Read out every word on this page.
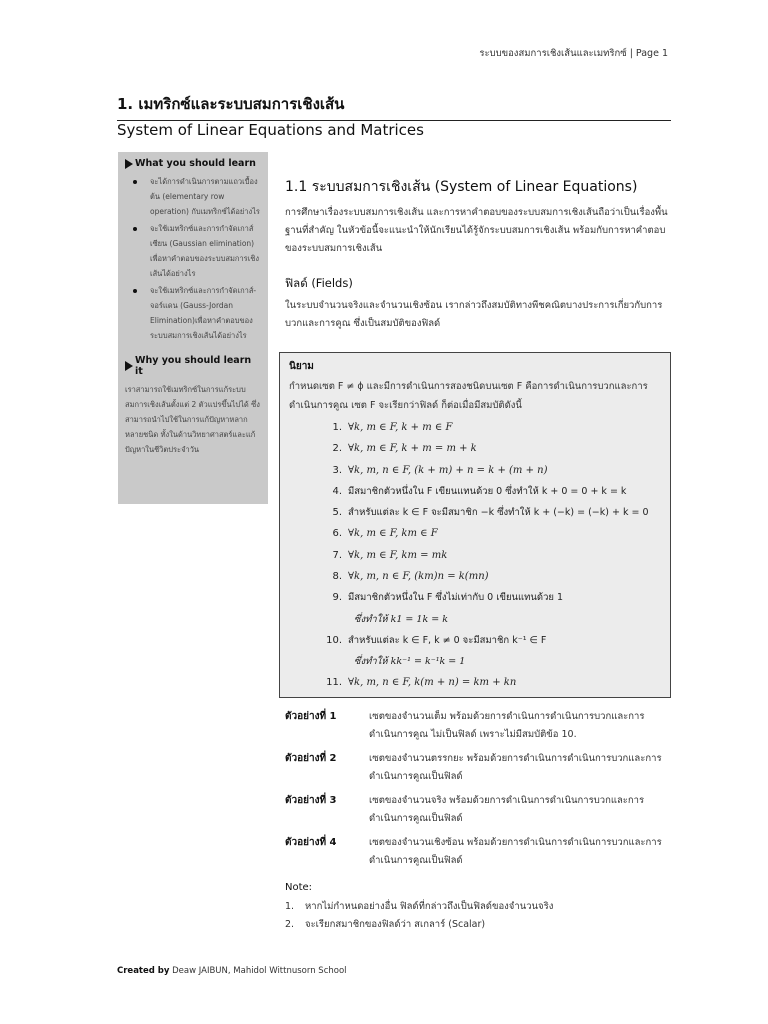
ระบบของสมการเชิงเส้นและเมทริกซ์ | Page 1
1. เมทริกซ์และระบบสมการเชิงเส้น
System of Linear Equations and Matrices
What you should learn
จะได้การดำเนินการตามแถวเบื้องต้น (elementary row operation) กับเมทริกซ์ได้อย่างไร
จะใช้เมทริกซ์และการกำจัดเกาส์เซียน (Gaussian elimination) เพื่อหาคำตอบของระบบสมการเชิงเส้นได้อย่างไร
จะใช้เมทริกซ์และการกำจัดเกาส์-จอร์แดน (Gauss-Jordan Elimination)เพื่อหาคำตอบของระบบสมการเชิงเส้นได้อย่างไร
Why you should learn it
เราสามารถใช้เมทริกซ์ในการแก้ระบบสมการเชิงเส้นตั้งแต่ 2 ตัวแปรขึ้นไปได้ ซึ่งสามารถนำไปใช้ในการแก้ปัญหาหลากหลายชนิด ทั้งในด้านวิทยาศาสตร์และแก้ปัญหาในชีวิตประจำวัน
1.1 ระบบสมการเชิงเส้น (System of Linear Equations)

การศึกษาเรื่องระบบสมการเชิงเส้น และการหาคำตอบของระบบสมการเชิงเส้นถือว่าเป็นเรื่องพื้นฐานที่สำคัญ ในหัวข้อนี้จะแนะนำให้นักเรียนได้รู้จักระบบสมการเชิงเส้น พร้อมกับการหาคำตอบของระบบสมการเชิงเส้น

ฟิลด์ (Fields)

ในระบบจำนวนจริงและจำนวนเชิงซ้อน เรากล่าวถึงสมบัติทางพีชคณิตบางประการเกี่ยวกับการบวกและการคูณ ซึ่งเป็นสมบัติของฟิลด์

นิยาม
กำหนดเซต F ≠ ϕ และมีการดำเนินการสองชนิดบนเซต F คือการดำเนินการบวกและการดำเนินการคูณ เซต F จะเรียกว่าฟิลด์ ก็ต่อเมื่อมีสมบัติดังนี้
1. ∀k, m ∈ F, k + m ∈ F
2. ∀k, m ∈ F, k + m = m + k
3. ∀k, m, n ∈ F, (k + m) + n = k + (m + n)
4. มีสมาชิกตัวหนึ่งใน F เขียนแทนด้วย 0 ซึ่งทำให้ k + 0 = 0 + k = k
5. สำหรับแต่ละ k ∈ F จะมีสมาชิก −k ซึ่งทำให้ k + (−k) = (−k) + k = 0
6. ∀k, m ∈ F, km ∈ F
7. ∀k, m ∈ F, km = mk
8. ∀k, m, n ∈ F, (km)n = k(mn)
9. มีสมาชิกตัวหนึ่งใน F ซึ่งไม่เท่ากับ 0 เขียนแทนด้วย 1
ซึ่งทำให้ k1 = 1k = k
10. สำหรับแต่ละ k ∈ F, k ≠ 0 จะมีสมาชิก k⁻¹ ∈ F
ซึ่งทำให้ kk⁻¹ = k⁻¹k = 1
11. ∀k, m, n ∈ F, k(m + n) = km + kn
ตัวอย่างที่ 1	เซตของจำนวนเต็ม พร้อมด้วยการดำเนินการดำเนินการบวกและการดำเนินการคูณ ไม่เป็นฟิลด์ เพราะไม่มีสมบัติข้อ 10.
ตัวอย่างที่ 2	เซตของจำนวนตรรกยะ พร้อมด้วยการดำเนินการดำเนินการบวกและการดำเนินการคูณเป็นฟิลด์
ตัวอย่างที่ 3	เซตของจำนวนจริง พร้อมด้วยการดำเนินการดำเนินการบวกและการดำเนินการคูณเป็นฟิลด์
ตัวอย่างที่ 4	เซตของจำนวนเชิงซ้อน พร้อมด้วยการดำเนินการดำเนินการบวกและการดำเนินการคูณเป็นฟิลด์
Note:
1.	หากไม่กำหนดอย่างอื่น ฟิลด์ที่กล่าวถึงเป็นฟิลด์ของจำนวนจริง
2.	จะเรียกสมาชิกของฟิลด์ว่า สเกลาร์ (Scalar)
Created by Deaw JAIBUN, Mahidol Wittnusorn School
